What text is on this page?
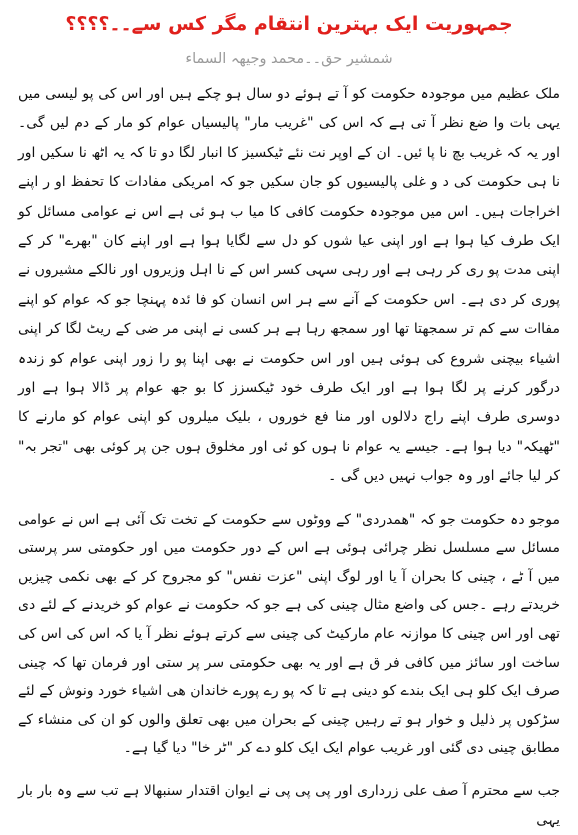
جمہوریت ایک بہترین انتقام مگر کس سے۔۔؟؟؟؟
شمشیر حق۔۔محمد وجیھہ السماء

ملک عظیم میں موجودہ حکومت کو آ تے ہوئے دو سال ہو چکے ہیں اور اس کی پو لیسی میں یہی بات وا ضع نظر آ تی ہے کہ اس کی "غریب مار" پالیسیاں عوام کو مار کے دم لیں گی۔ اور یہ کہ غریب بچ نا پا ئیں۔ ان کے اوپر نت نئے ٹیکسیز کا انبار لگا دو تا کہ یہ اٹھ نا سکیں اور نا ہی حکومت کی د و غلی پالیسیوں کو جان سکیں جو کہ امریکی مفادات کا تحفظ او ر اپنے اخراجات ہیں۔ اس میں موجودہ حکومت کافی کا میا ب ہو ئی ہے اس نے عوامی مسائل کو ایک طرف کیا ہوا ہے اور اپنی عیا شوں کو دل سے لگایا ہوا ہے اور اپنے کان "بھرے" کر کے اپنی مدت پو ری کر رہی ہے اور رہی سہی کسر اس کے نا اہل وزیروں اور نالکے مشیروں نے پوری کر دی ہے۔ اس حکومت کے آنے سے ہر اس انسان کو فا ئدہ پہنچا جو کہ عوام کو اپنے مفاات سے کم تر سمجھتا تھا اور سمجھ رہا ہے ہر کسی نے اپنی مر ضی کے ریٹ لگا کر اپنی اشیاء بیچنی شروع کی ہوئی ہیں اور اس حکومت نے بھی اپنا پو را زور اپنی عوام کو زندہ درگور کرنے پر لگا ہوا ہے اور ایک طرف خود ٹیکسزز کا بو جھ عوام پر ڈالا ہوا ہے اور دوسری طرف اپنے راج دلالوں اور منا فع خوروں ، بلیک میلروں کو اپنی عوام کو مارنے کا "ٹھیکہ" دیا ہوا ہے۔ جیسے یہ عوام نا ہوں کو ئی اور مخلوق ہوں جن پر کوئی بھی "تجر بہ" کر لیا جائے اور وہ جواب نہیں دیں گی ۔

موجو دہ حکومت جو کہ "ھمدردی" کے ووٹوں سے حکومت کے تخت تک آئی ہے اس نے عوامی مسائل سے مسلسل نظر چرائی ہوئی ہے اس کے دور حکومت میں اور حکومتی سر پرستی میں آ ٹے ، چینی کا بحران آ یا اور لوگ اپنی "عزت نفس" کو مجروح کر کے بھی نکمی چیزیں خریدتے رہے ۔جس کی واضع مثال چینی کی ہے جو کہ حکومت نے عوام کو خریدنے کے لئے دی تھی اور اس چینی کا موازنہ عام مارکیٹ کی چینی سے کرتے ہوئے نظر آ یا کہ اس کی اس کی ساخت اور سائز میں کافی فر ق ہے اور یہ بھی حکومتی سر پر ستی اور فرمان تھا کہ چینی صرف ایک کلو ہی ایک بندے کو دینی ہے تا کہ پو رے پورے خاندان ھی اشیاء خورد ونوش کے لئے سڑکوں پر ذلیل و خوار ہو تے رہیں چینی کے بحران میں بھی تعلق والوں کو ان کی منشاء کے مطابق چینی دی گئی اور غریب عوام ایک ایک کلو دے کر "ٹر خا" دیا گیا ہے۔

جب سے محترم آ صف علی زرداری اور پی پی پی نے ایوان اقتدار سنبھالا ہے تب سے وہ بار بار یہی
